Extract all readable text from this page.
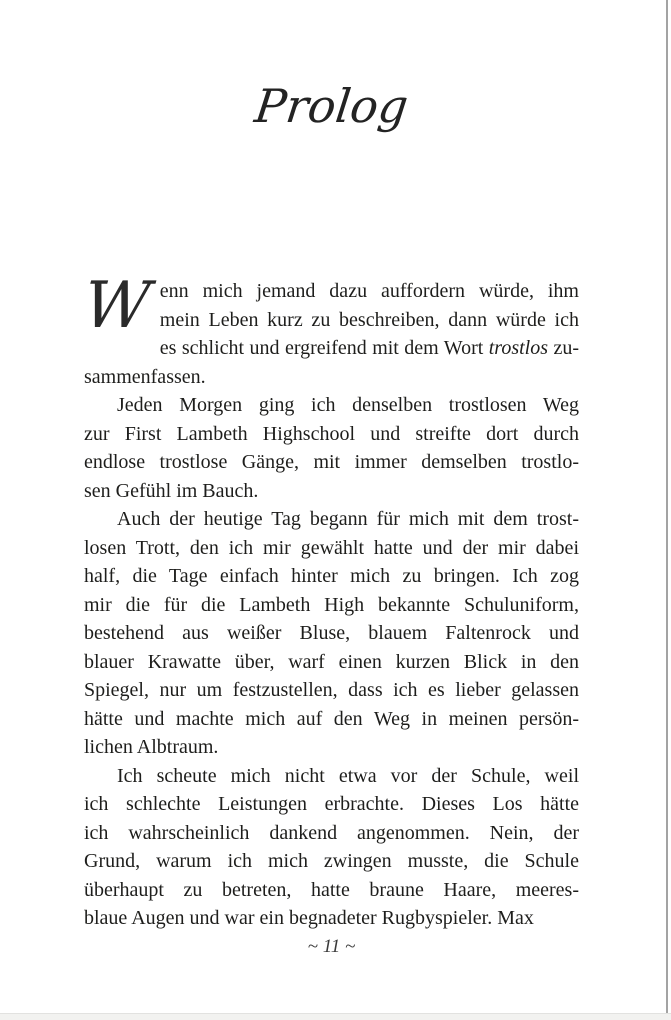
Prolog
W enn mich jemand dazu auffordern würde, ihm
mein Leben kurz zu beschreiben, dann würde ich
es schlicht und ergreifend mit dem Wort trostlos zu-
sammenfassen.
Jeden Morgen ging ich denselben trostlosen Weg
zur First Lambeth Highschool und streifte dort durch
endlose trostlose Gänge, mit immer demselben trostlo-
sen Gefühl im Bauch.
Auch der heutige Tag begann für mich mit dem trost-
losen Trott, den ich mir gewählt hatte und der mir dabei
half, die Tage einfach hinter mich zu bringen. Ich zog
mir die für die Lambeth High bekannte Schuluniform,
bestehend aus weißer Bluse, blauem Faltenrock und
blauer Krawatte über, warf einen kurzen Blick in den
Spiegel, nur um festzustellen, dass ich es lieber gelassen
hätte und machte mich auf den Weg in meinen persön-
lichen Albtraum.
Ich scheute mich nicht etwa vor der Schule, weil
ich schlechte Leistungen erbrachte. Dieses Los hätte
ich wahrscheinlich dankend angenommen. Nein, der
Grund, warum ich mich zwingen musste, die Schule
überhaupt zu betreten, hatte braune Haare, meeres-
blaue Augen und war ein begnadeter Rugbyspieler. Max
~ 11 ~
